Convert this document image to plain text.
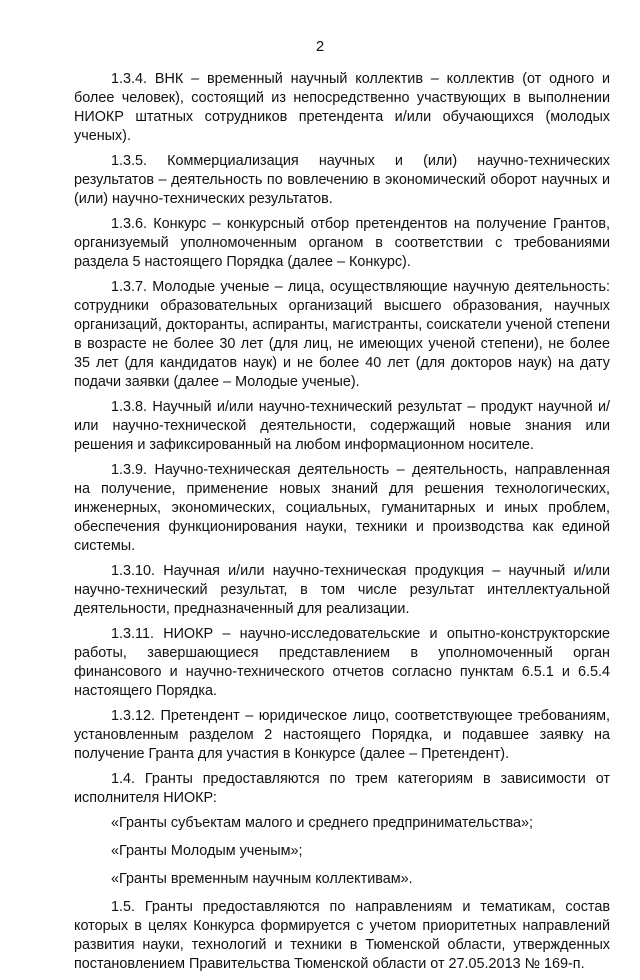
2

1.3.4. ВНК – временный научный коллектив – коллектив (от одного и более человек), состоящий из непосредственно участвующих в выполнении НИОКР штатных сотрудников претендента и/или обучающихся (молодых ученых).

1.3.5. Коммерциализация научных и (или) научно-технических результатов – деятельность по вовлечению в экономический оборот научных и (или) научно-технических результатов.

1.3.6. Конкурс – конкурсный отбор претендентов на получение Грантов, организуемый уполномоченным органом в соответствии с требованиями раздела 5 настоящего Порядка (далее – Конкурс).

1.3.7. Молодые ученые – лица, осуществляющие научную деятельность: сотрудники образовательных организаций высшего образования, научных организаций, докторанты, аспиранты, магистранты, соискатели ученой степени в возрасте не более 30 лет (для лиц, не имеющих ученой степени), не более 35 лет (для кандидатов наук) и не более 40 лет (для докторов наук) на дату подачи заявки (далее – Молодые ученые).

1.3.8. Научный и/или научно-технический результат – продукт научной и/или научно-технической деятельности, содержащий новые знания или решения и зафиксированный на любом информационном носителе.

1.3.9. Научно-техническая деятельность – деятельность, направленная на получение, применение новых знаний для решения технологических, инженерных, экономических, социальных, гуманитарных и иных проблем, обеспечения функционирования науки, техники и производства как единой системы.

1.3.10. Научная и/или научно-техническая продукция – научный и/или научно-технический результат, в том числе результат интеллектуальной деятельности, предназначенный для реализации.

1.3.11. НИОКР – научно-исследовательские и опытно-конструкторские работы, завершающиеся представлением в уполномоченный орган финансового и научно-технического отчетов согласно пунктам 6.5.1 и 6.5.4 настоящего Порядка.

1.3.12. Претендент – юридическое лицо, соответствующее требованиям, установленным разделом 2 настоящего Порядка, и подавшее заявку на получение Гранта для участия в Конкурсе (далее – Претендент).

1.4. Гранты предоставляются по трем категориям в зависимости от исполнителя НИОКР:

«Гранты субъектам малого и среднего предпринимательства»;

«Гранты Молодым ученым»;

«Гранты временным научным коллективам».

1.5. Гранты предоставляются по направлениям и тематикам, состав которых в целях Конкурса формируется с учетом приоритетных направлений развития науки, технологий и техники в Тюменской области, утвержденных постановлением Правительства Тюменской области от 27.05.2013 № 169-п.
